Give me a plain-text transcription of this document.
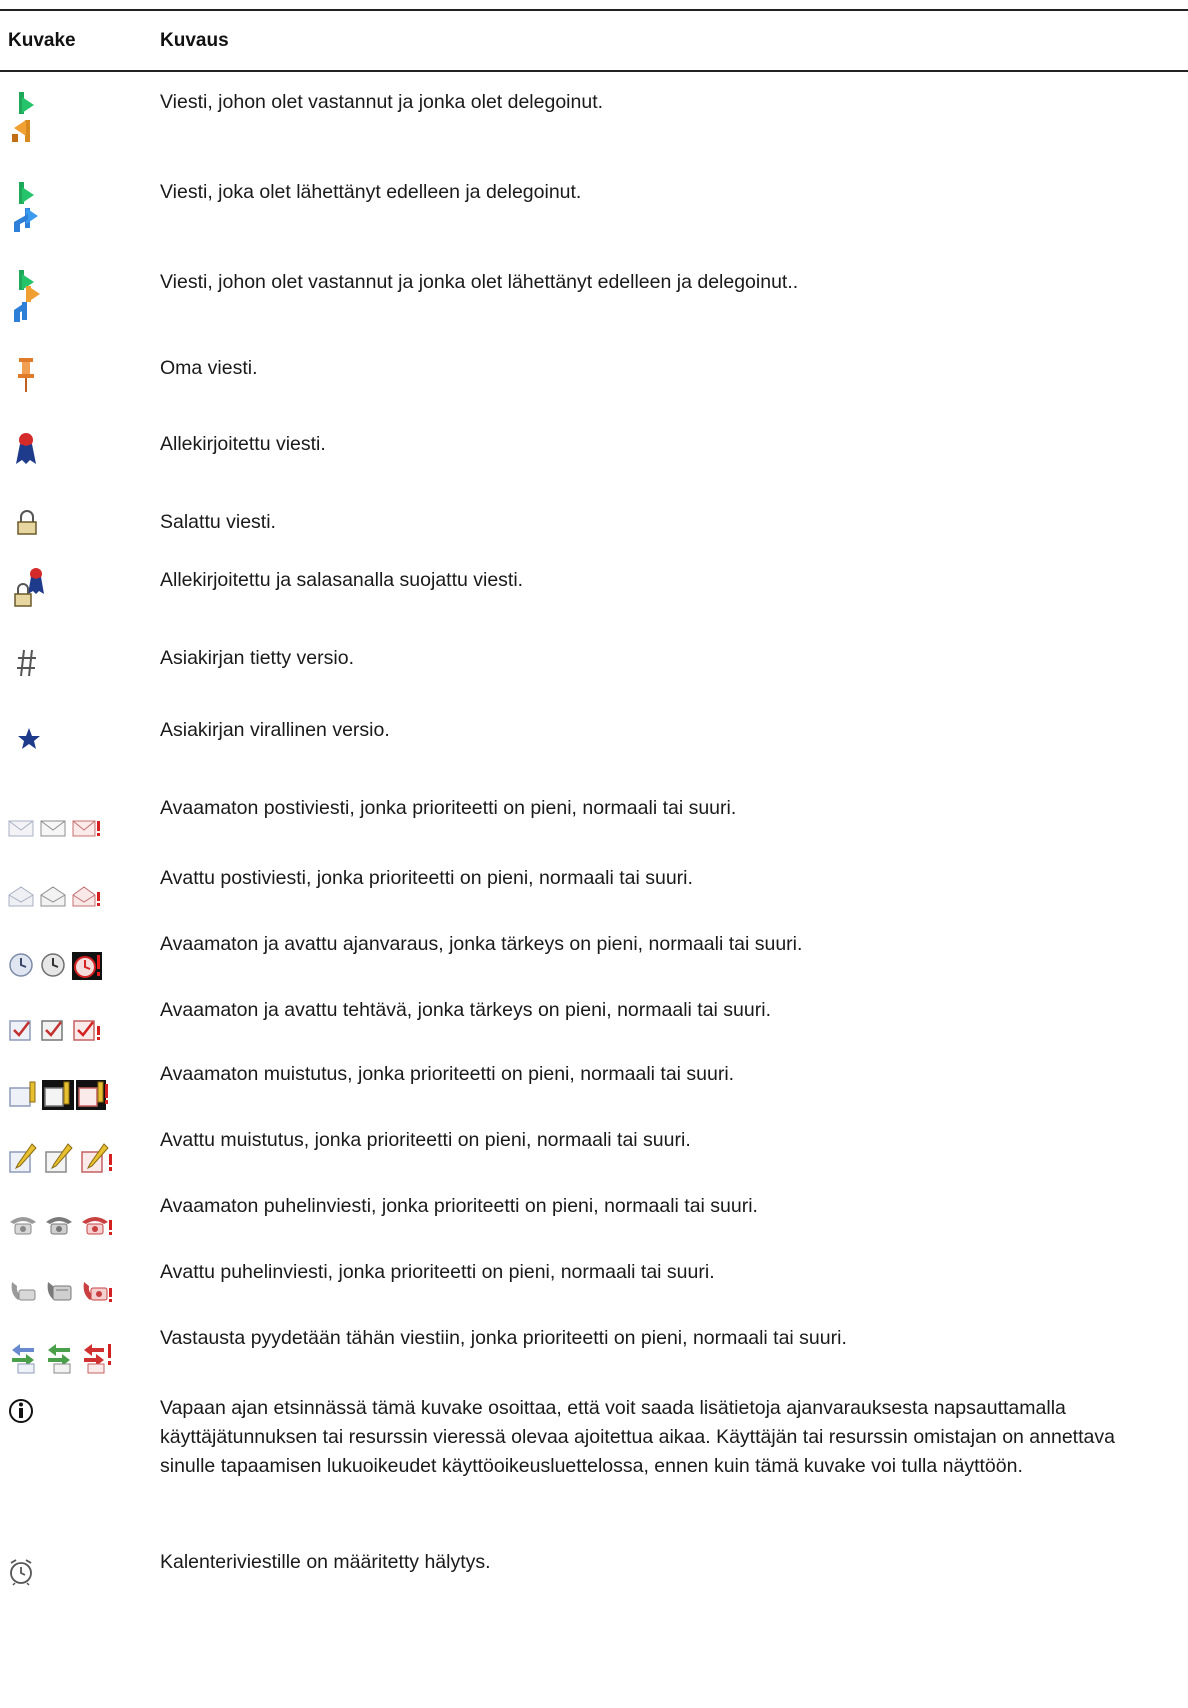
Kuvake	Kuvaus
Viesti, johon olet vastannut ja jonka olet delegoinut.
Viesti, joka olet lähettänyt edelleen ja delegoinut.
Viesti, johon olet vastannut ja jonka olet lähettänyt edelleen ja delegoinut..
Oma viesti.
Allekirjoitettu viesti.
Salattu viesti.
Allekirjoitettu ja salasanalla suojattu viesti.
Asiakirjan tietty versio.
Asiakirjan virallinen versio.
Avaamaton postiviesti, jonka prioriteetti on pieni, normaali tai suuri.
Avattu postiviesti, jonka prioriteetti on pieni, normaali tai suuri.
Avaamaton ja avattu ajanvaraus, jonka tärkeys on pieni, normaali tai suuri.
Avaamaton ja avattu tehtävä, jonka tärkeys on pieni, normaali tai suuri.
Avaamaton muistutus, jonka prioriteetti on pieni, normaali tai suuri.
Avattu muistutus, jonka prioriteetti on pieni, normaali tai suuri.
Avaamaton puhelinviesti, jonka prioriteetti on pieni, normaali tai suuri.
Avattu puhelinviesti, jonka prioriteetti on pieni, normaali tai suuri.
Vastausta pyydetään tähän viestiin, jonka prioriteetti on pieni, normaali tai suuri.
Vapaan ajan etsinnässä tämä kuvake osoittaa, että voit saada lisätietoja ajanvarauksesta napsauttamalla käyttäjätunnuksen tai resurssin vieressä olevaa ajoitettua aikaa. Käyttäjän tai resurssin omistajan on annettava sinulle tapaamisen lukuoikeudet käyttöoikeusluettelossa, ennen kuin tämä kuvake voi tulla näyttöön.
Kalenteriviestille on määritetty hälytys.
